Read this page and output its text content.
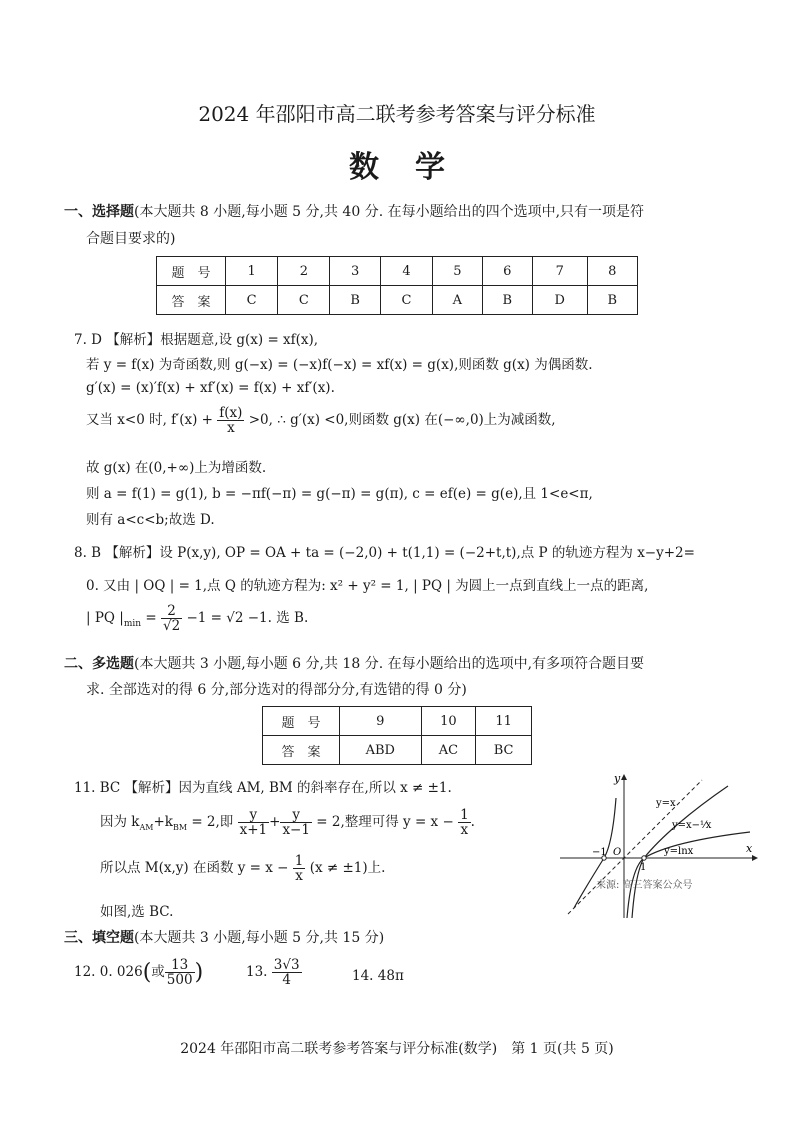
2024 年邵阳市高二联考参考答案与评分标准
数学
一、选择题(本大题共 8 小题,每小题 5 分,共 40 分. 在每小题给出的四个选项中,只有一项是符
合题目要求的)
题　号	1	2	3	4	5	6	7	8
答　案	C	C	B	C	A	B	D	B
7. D 【解析】根据题意,设 g(x) = xf(x),
若 y = f(x) 为奇函数,则 g(−x) = (−x)f(−x) = xf(x) = g(x),则函数 g(x) 为偶函数.
g′(x) = (x)′f(x) + xf′(x) = f(x) + xf′(x).
又当 x<0 时, $f'(x) + \frac{f(x)}{x} >0$, ∴ g′(x) <0,则函数 g(x) 在(−∞,0)上为减函数,
故 g(x) 在(0,+∞)上为增函数.
则 a = f(1) = g(1), b = −πf(−π) = g(−π) = g(π), c = ef(e) = g(e),且 1<e<π,
则有 a<c<b;故选 D.
8. B 【解析】设 P(x,y), OP = OA + ta = (−2,0) + t(1,1) = (−2+t,t),点 P 的轨迹方程为 x−y+2=
0. 又由 | OQ | = 1,点 Q 的轨迹方程为: x² + y² = 1, | PQ | 为圆上一点到直线上一点的距离,
| PQ $|_{min} = \frac{2}{√2} -1 = √2 -1$. 选 B.
二、多选题(本大题共 3 小题,每小题 6 分,共 18 分. 在每小题给出的选项中,有多项符合题目要
求. 全部选对的得 6 分,部分选对的得部分分,有选错的得 0 分)
题　号	9	10	11
答　案	ABD	AC	BC
11. BC 【解析】因为直线 AM, BM 的斜率存在,所以 x ≠ ±1.
因为 $k_{AM}+k_{BM} = 2$,即 $\frac{y}{x+1} + \frac{y}{x-1} = 2$,整理可得 $y = x - \frac{1}{x}$ .
所以点 M(x,y) 在函数 $y = x - \frac{1}{x} (x \ne \pm 1)$上.
如图,选 BC.
y
x
O
−1
1
y=x
y=x−⅟x
y=lnx
来源: 高三答案公众号
三、填空题(本大题共 3 小题,每小题 5 分,共 15 分)
12. 0. 026(或 $\frac{13}{500}$ )	13. $\frac{3√3}{4}$	14. 48π
2024 年邵阳市高二联考参考答案与评分标准(数学)　第 1 页(共 5 页)
